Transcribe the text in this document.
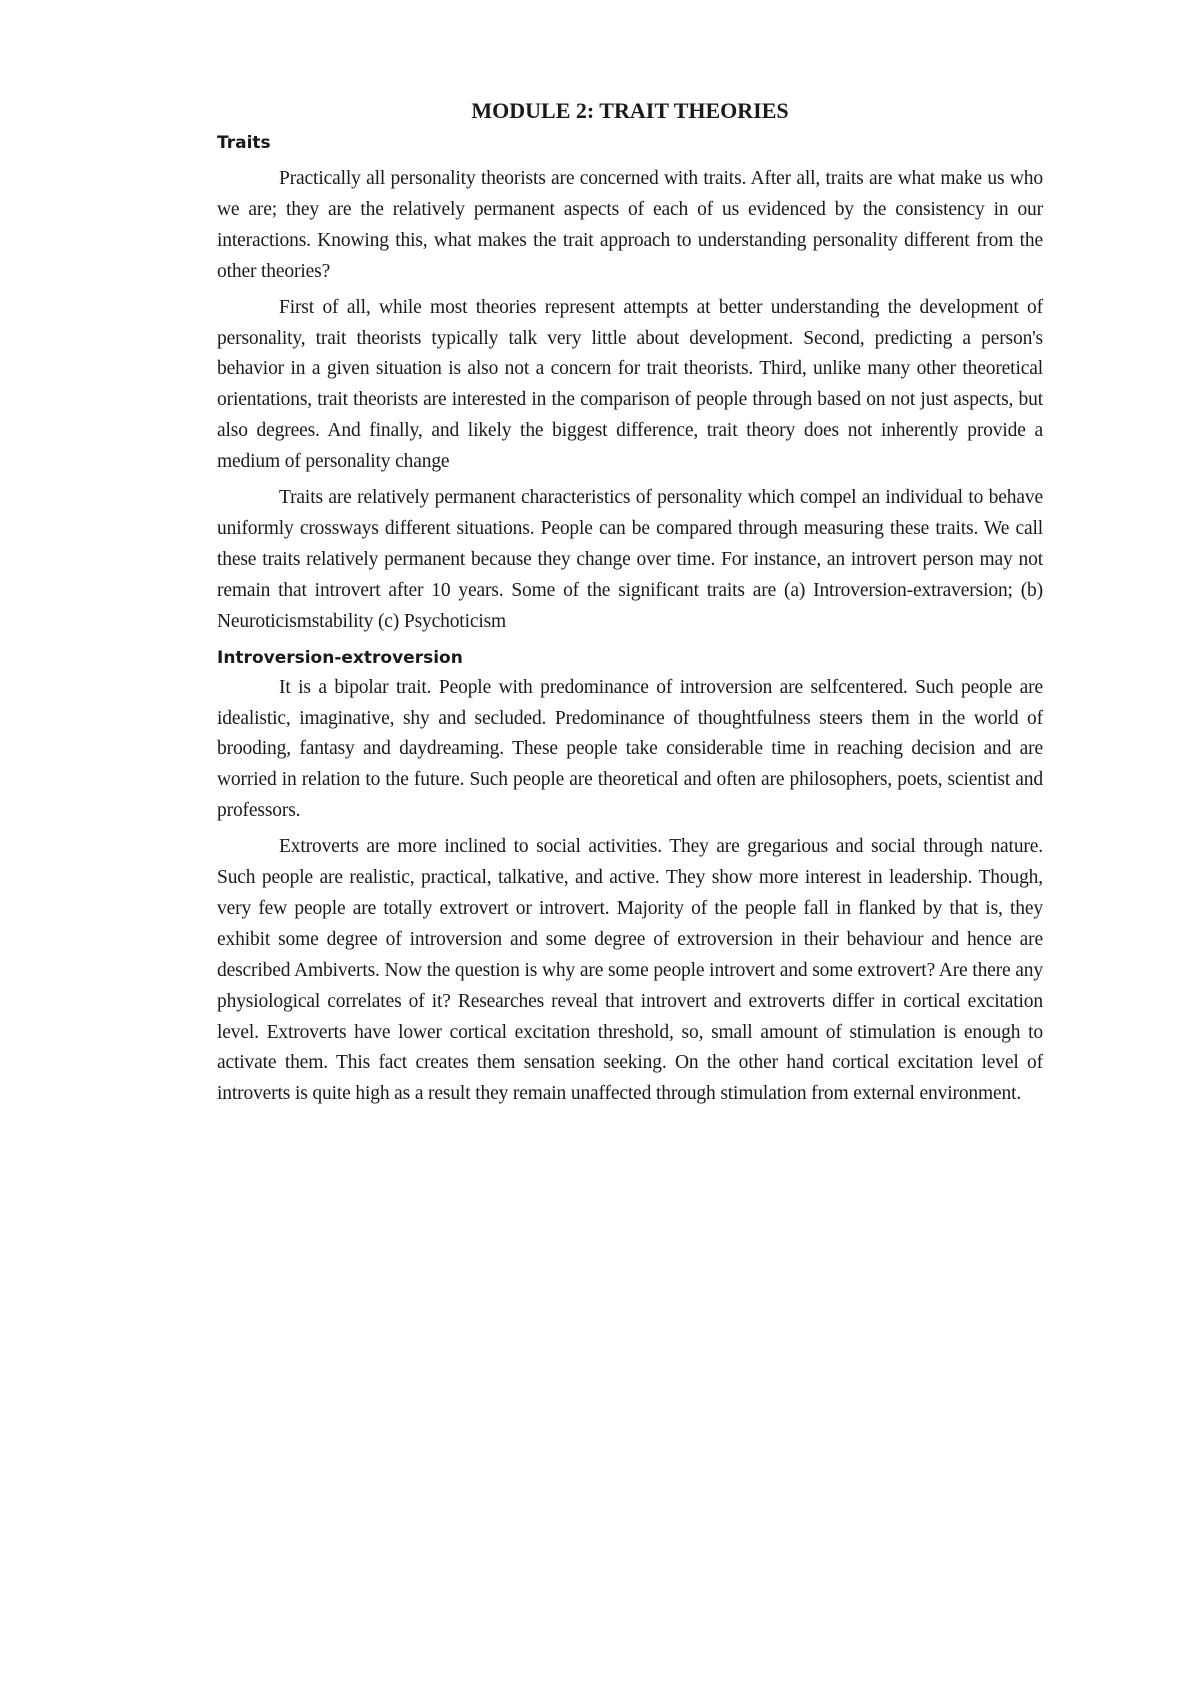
MODULE 2: TRAIT THEORIES
Traits

Practically all personality theorists are concerned with traits. After all, traits are what make us who we are; they are the relatively permanent aspects of each of us evidenced by the consistency in our interactions. Knowing this, what makes the trait approach to understanding personality different from the other theories?

First of all, while most theories represent attempts at better understanding the development of personality, trait theorists typically talk very little about development. Second, predicting a person's behavior in a given situation is also not a concern for trait theorists. Third, unlike many other theoretical orientations, trait theorists are interested in the comparison of people through based on not just aspects, but also degrees. And finally, and likely the biggest difference, trait theory does not inherently provide a medium of personality change

Traits are relatively permanent characteristics of personality which compel an individual to behave uniformly crossways different situations. People can be compared through measuring these traits. We call these traits relatively permanent because they change over time. For instance, an introvert person may not remain that introvert after 10 years. Some of the significant traits are (a) Introversion-extraversion; (b) Neuroticismstability (c) Psychoticism

Introversion-extroversion

It is a bipolar trait. People with predominance of introversion are selfcentered. Such people are idealistic, imaginative, shy and secluded. Predominance of thoughtfulness steers them in the world of brooding, fantasy and daydreaming. These people take considerable time in reaching decision and are worried in relation to the future. Such people are theoretical and often are philosophers, poets, scientist and professors.

Extroverts are more inclined to social activities. They are gregarious and social through nature. Such people are realistic, practical, talkative, and active. They show more interest in leadership. Though, very few people are totally extrovert or introvert. Majority of the people fall in flanked by that is, they exhibit some degree of introversion and some degree of extroversion in their behaviour and hence are described Ambiverts. Now the question is why are some people introvert and some extrovert? Are there any physiological correlates of it? Researches reveal that introvert and extroverts differ in cortical excitation level. Extroverts have lower cortical excitation threshold, so, small amount of stimulation is enough to activate them. This fact creates them sensation seeking. On the other hand cortical excitation level of introverts is quite high as a result they remain unaffected through stimulation from external environment.
